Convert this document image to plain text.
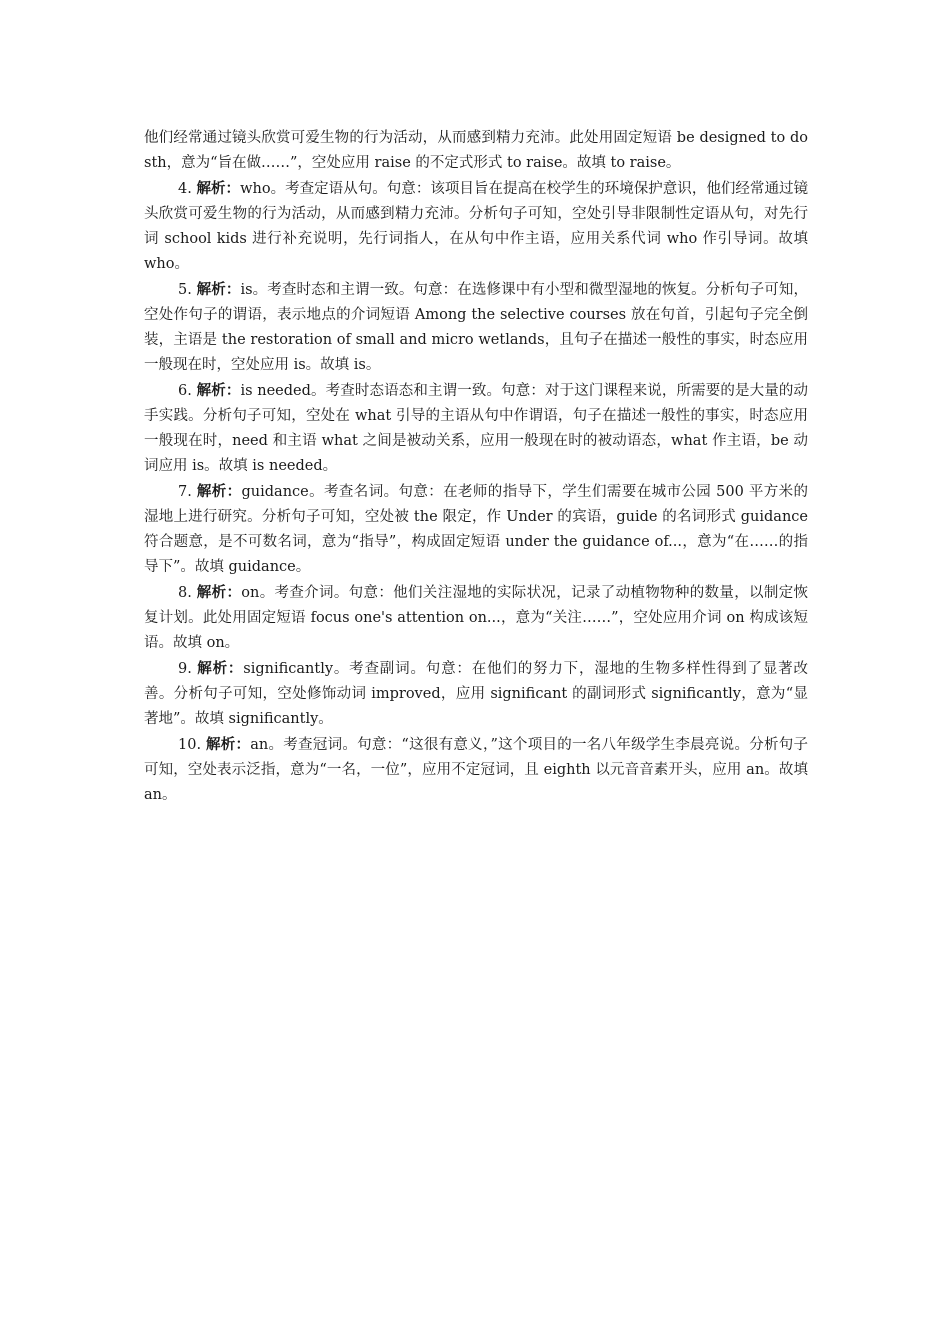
他们经常通过镜头欣赏可爱生物的行为活动，从而感到精力充沛。此处用固定短语 be designed to do sth，意为“旨在做……”，空处应用 raise 的不定式形式 to raise。故填 to raise。

4. 解析：who。考查定语从句。句意：该项目旨在提高在校学生的环境保护意识，他们经常通过镜头欣赏可爱生物的行为活动，从而感到精力充沛。分析句子可知，空处引导非限制性定语从句，对先行词 school kids 进行补充说明，先行词指人，在从句中作主语，应用关系代词 who 作引导词。故填 who。

5. 解析：is。考查时态和主谓一致。句意：在选修课中有小型和微型湿地的恢复。分析句子可知，空处作句子的谓语，表示地点的介词短语 Among the selective courses 放在句首，引起句子完全倒装，主语是 the restoration of small and micro wetlands，且句子在描述一般性的事实，时态应用一般现在时，空处应用 is。故填 is。

6. 解析：is needed。考查时态语态和主谓一致。句意：对于这门课程来说，所需要的是大量的动手实践。分析句子可知，空处在 what 引导的主语从句中作谓语，句子在描述一般性的事实，时态应用一般现在时，need 和主语 what 之间是被动关系，应用一般现在时的被动语态，what 作主语，be 动词应用 is。故填 is needed。

7. 解析：guidance。考查名词。句意：在老师的指导下，学生们需要在城市公园 500 平方米的湿地上进行研究。分析句子可知，空处被 the 限定，作 Under 的宾语，guide 的名词形式 guidance 符合题意，是不可数名词，意为“指导”，构成固定短语 under the guidance of...，意为“在……的指导下”。故填 guidance。

8. 解析：on。考查介词。句意：他们关注湿地的实际状况，记录了动植物物种的数量，以制定恢复计划。此处用固定短语 focus one's attention on...，意为“关注……”，空处应用介词 on 构成该短语。故填 on。

9. 解析：significantly。考查副词。句意：在他们的努力下，湿地的生物多样性得到了显著改善。分析句子可知，空处修饰动词 improved，应用 significant 的副词形式 significantly，意为“显著地”。故填 significantly。

10. 解析：an。考查冠词。句意：“这很有意义，”这个项目的一名八年级学生李晨亮说。分析句子可知，空处表示泛指，意为“一名，一位”，应用不定冠词，且 eighth 以元音音素开头，应用 an。故填 an。
